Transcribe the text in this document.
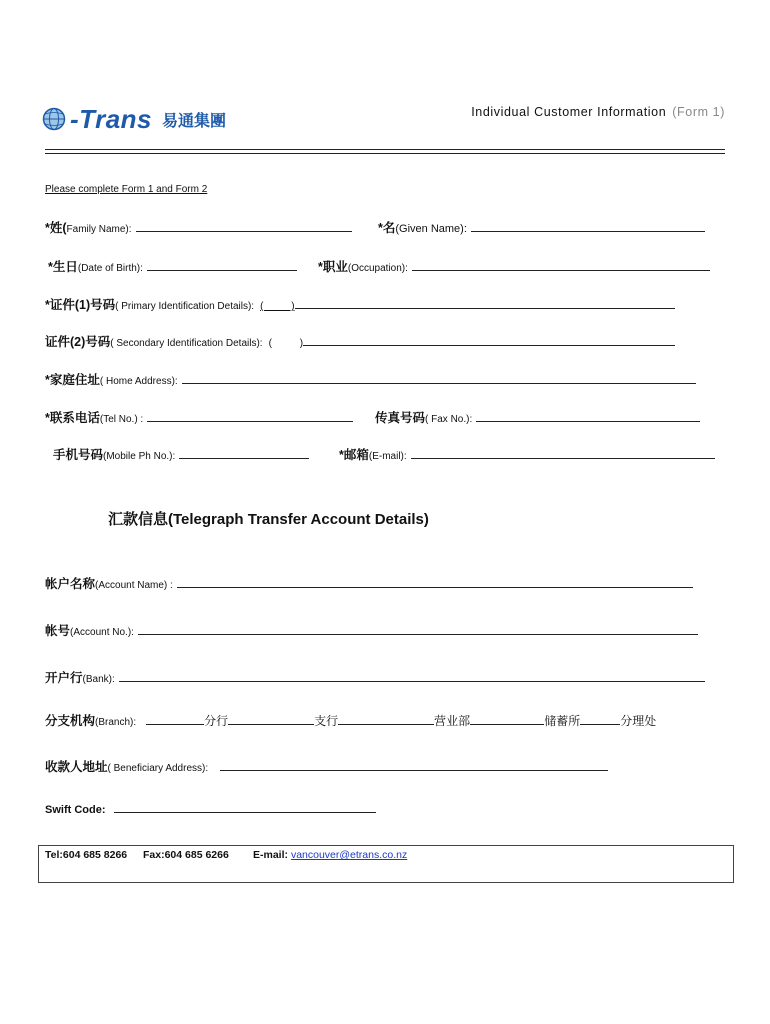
-Trans 易通集團	Individual Customer Information (Form 1)
Please complete Form 1 and Form 2
*姓( Family Name):	*名 (Given Name):
*生日 (Date of Birth):	*职业 (Occupation):
*证件(1)号码 ( Primary Identification Details): (          )
证件(2)号码 ( Secondary Identification Details): (          )
*家庭住址 ( Home Address):
*联系电话 (Tel No.) :	传真号码 ( Fax No.):
手机号码 (Mobile Ph No.):	*邮箱 (E-mail):
汇款信息(Telegraph Transfer Account Details)
帐户名称 (Account Name) :
帐号 (Account No.):
开户行 (Bank):
分支机构 (Branch):	分行	支行	营业部	储蓄所	分理处
收款人地址 ( Beneficiary Address):
Swift Code:
Tel:604 685 8266 Fax:604 685 6266 E-mail: vancouver@etrans.co.nz
